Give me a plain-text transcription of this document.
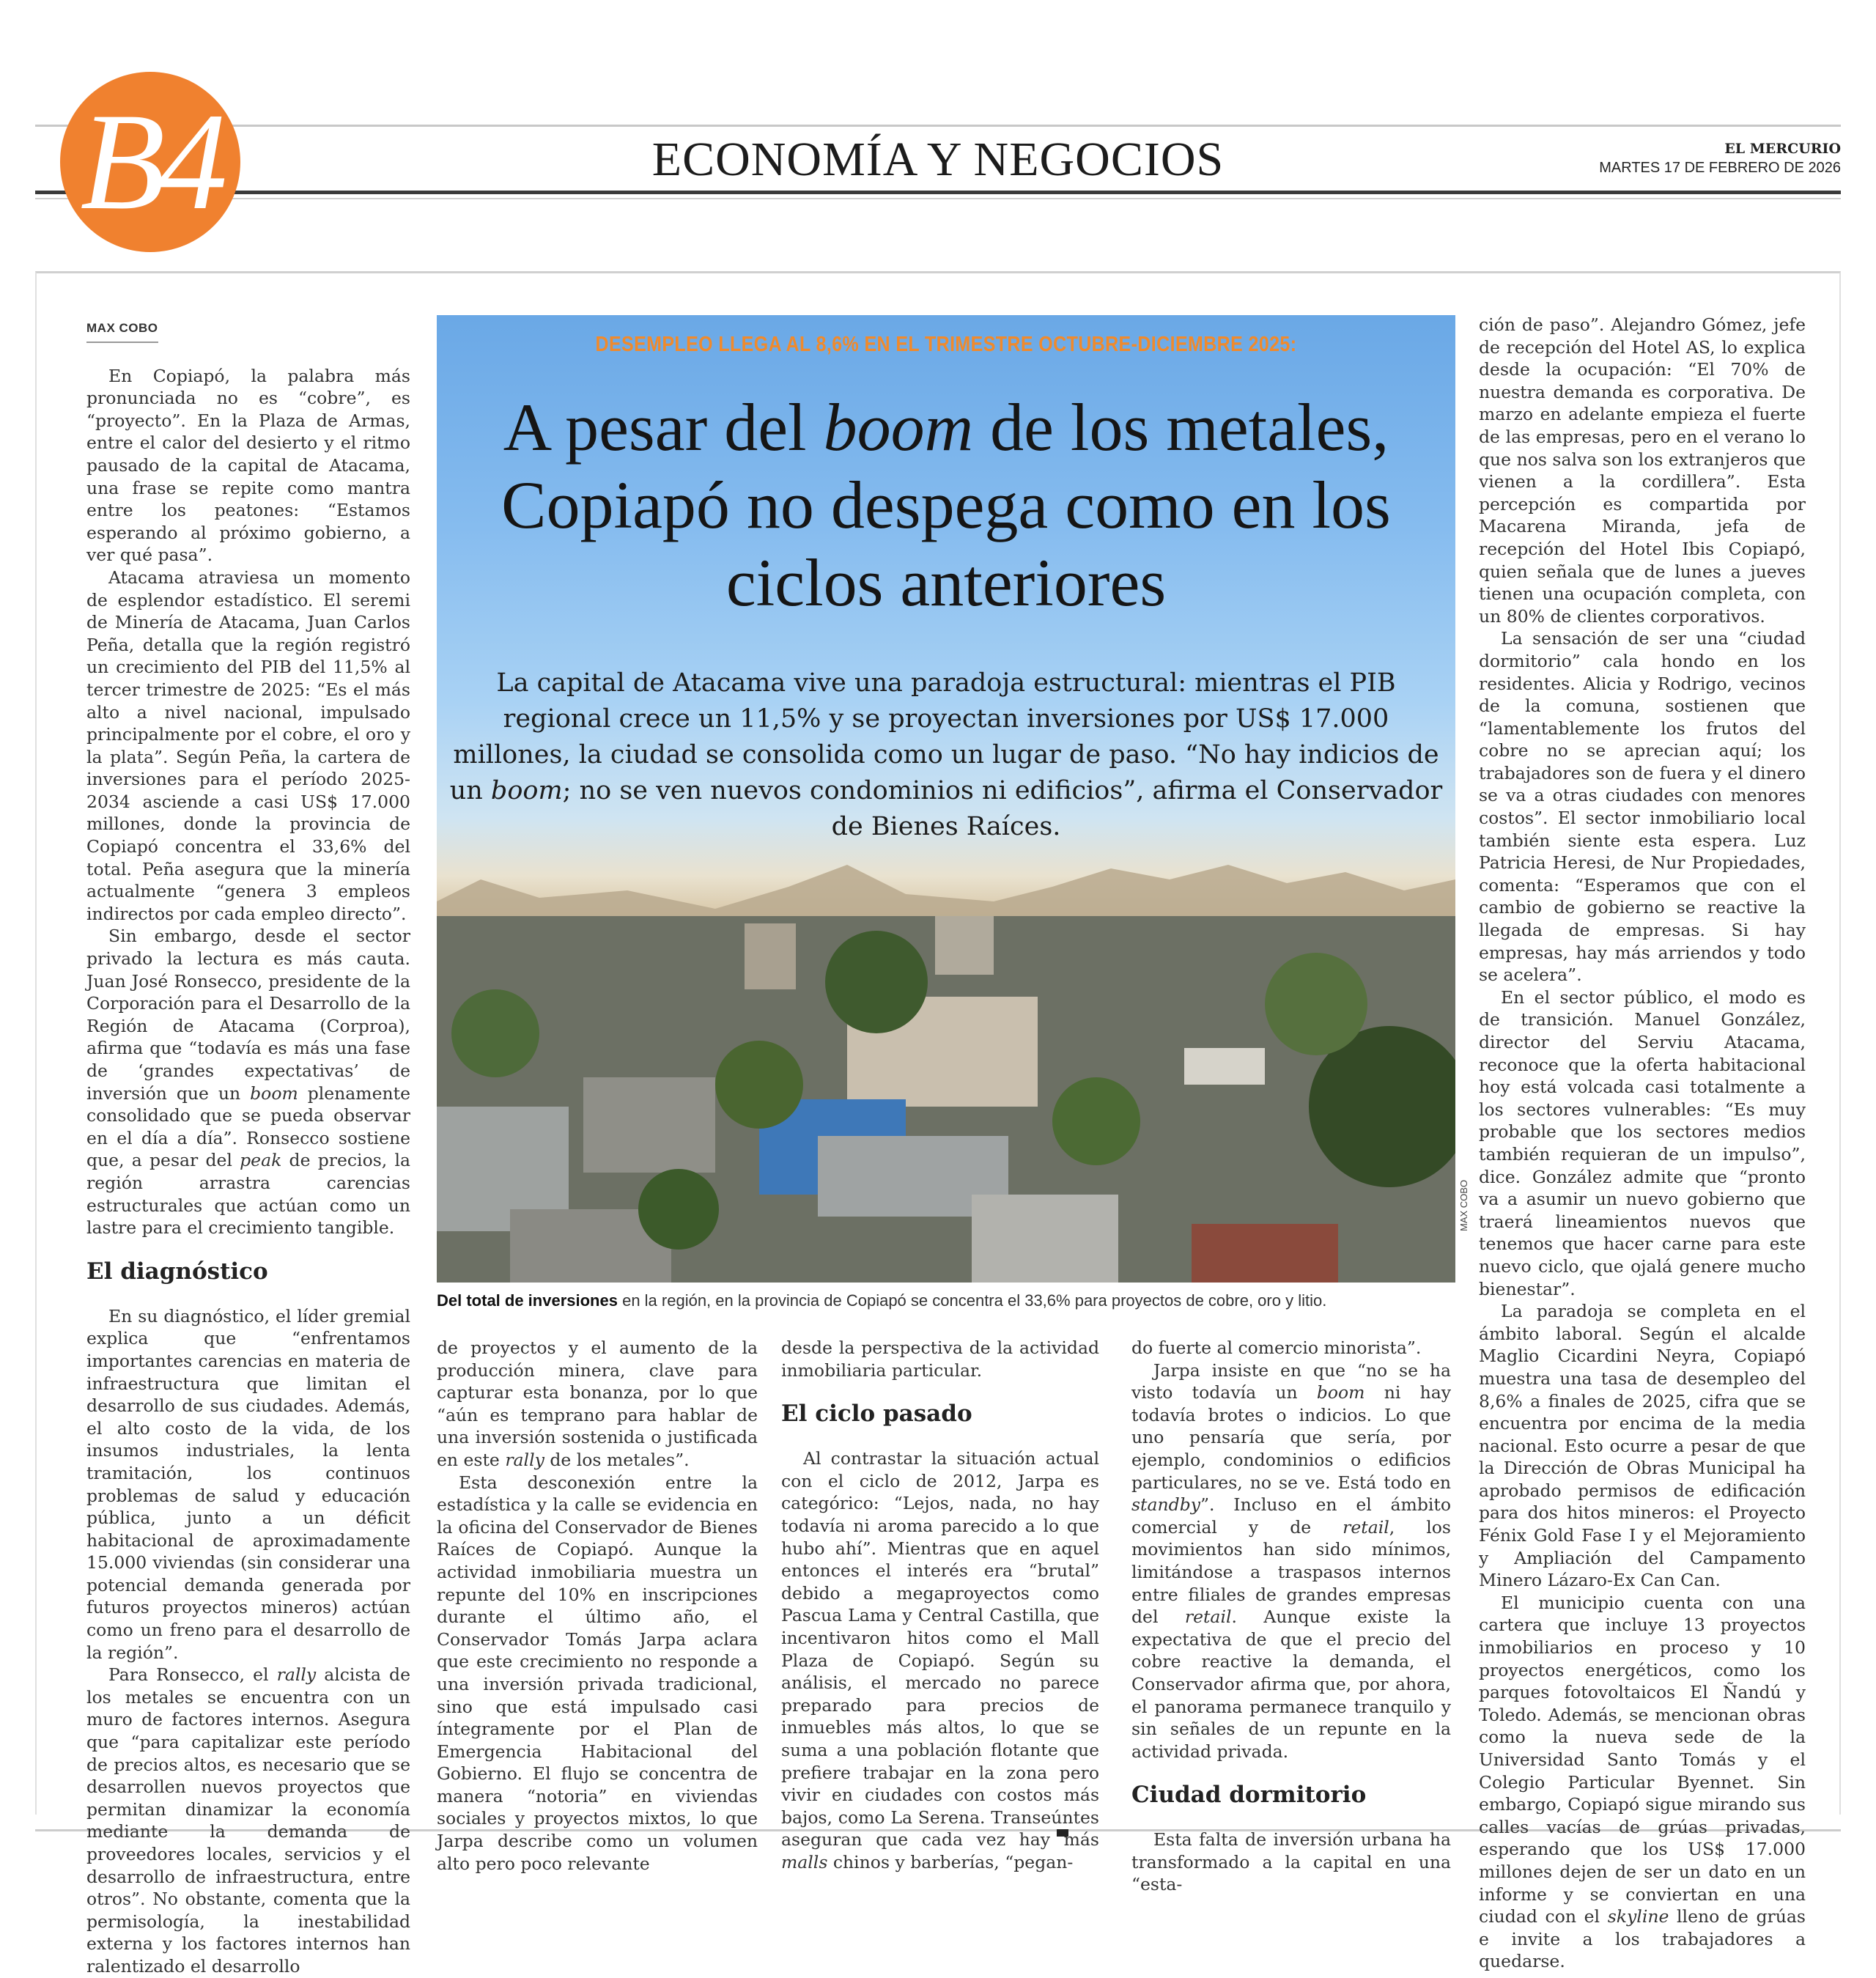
B4	ECONOMÍA Y NEGOCIOS	EL MERCURIO
MARTES 17 DE FEBRERO DE 2026
MAX COBO

En Copiapó, la palabra más pronunciada no es “cobre”, es “proyecto”. En la Plaza de Armas, entre el calor del desierto y el ritmo pausado de la capital de Atacama, una frase se repite como mantra entre los peatones: “Estamos esperando al próximo gobierno, a ver qué pasa”.

Atacama atraviesa un momento de esplendor estadístico. El seremi de Minería de Atacama, Juan Carlos Peña, detalla que la región registró un crecimiento del PIB del 11,5% al tercer trimestre de 2025: “Es el más alto a nivel nacional, impulsado principalmente por el cobre, el oro y la plata”. Según Peña, la cartera de inversiones para el período 2025-2034 asciende a casi US$ 17.000 millones, donde la provincia de Copiapó concentra el 33,6% del total. Peña asegura que la minería actualmente “genera 3 empleos indirectos por cada empleo directo”.

Sin embargo, desde el sector privado la lectura es más cauta. Juan José Ronsecco, presidente de la Corporación para el Desarrollo de la Región de Atacama (Corproa), afirma que “todavía es más una fase de ‘grandes expectativas’ de inversión que un boom plenamente consolidado que se pueda observar en el día a día”. Ronsecco sostiene que, a pesar del peak de precios, la región arrastra carencias estructurales que actúan como un lastre para el crecimiento tangible.

El diagnóstico

En su diagnóstico, el líder gremial explica que “enfrentamos importantes carencias en materia de infraestructura que limitan el desarrollo de sus ciudades. Además, el alto costo de la vida, de los insumos industriales, la lenta tramitación, los continuos problemas de salud y educación pública, junto a un déficit habitacional de aproximadamente 15.000 viviendas (sin considerar una potencial demanda generada por futuros proyectos mineros) actúan como un freno para el desarrollo de la región”.

Para Ronsecco, el rally alcista de los metales se encuentra con un muro de factores internos. Asegura que “para capitalizar este período de precios altos, es necesario que se desarrollen nuevos proyectos que permitan dinamizar la economía mediante la demanda de proveedores locales, servicios y el desarrollo de infraestructura, entre otros”. No obstante, comenta que la permisología, la inestabilidad externa y los factores internos han ralentizado el desarrollo

DESEMPLEO LLEGA AL 8,6% EN EL TRIMESTRE OCTUBRE-DICIEMBRE 2025:
A pesar del boom de los metales, Copiapó no despega como en los ciclos anteriores
La capital de Atacama vive una paradoja estructural: mientras el PIB regional crece un 11,5% y se proyectan inversiones por US$ 17.000 millones, la ciudad se consolida como un lugar de paso. “No hay indicios de un boom; no se ven nuevos condominios ni edificios”, afirma el Conservador de Bienes Raíces.
MAX COBO
Del total de inversiones en la región, en la provincia de Copiapó se concentra el 33,6% para proyectos de cobre, oro y litio.

de proyectos y el aumento de la producción minera, clave para capturar esta bonanza, por lo que “aún es temprano para hablar de una inversión sostenida o justificada en este rally de los metales”.

Esta desconexión entre la estadística y la calle se evidencia en la oficina del Conservador de Bienes Raíces de Copiapó. Aunque la actividad inmobiliaria muestra un repunte del 10% en inscripciones durante el último año, el Conservador Tomás Jarpa aclara que este crecimiento no responde a una inversión privada tradicional, sino que está impulsado casi íntegramente por el Plan de Emergencia Habitacional del Gobierno. El flujo se concentra de manera “notoria” en viviendas sociales y proyectos mixtos, lo que Jarpa describe como un volumen alto pero poco relevante

desde la perspectiva de la actividad inmobiliaria particular.

El ciclo pasado

Al contrastar la situación actual con el ciclo de 2012, Jarpa es categórico: “Lejos, nada, no hay todavía ni aroma parecido a lo que hubo ahí”. Mientras que en aquel entonces el interés era “brutal” debido a megaproyectos como Pascua Lama y Central Castilla, que incentivaron hitos como el Mall Plaza de Copiapó. Según su análisis, el mercado no parece preparado para precios de inmuebles más altos, lo que se suma a una población flotante que prefiere trabajar en la zona pero vivir en ciudades con costos más bajos, como La Serena. Transeúntes aseguran que cada vez hay más malls chinos y barberías, “pegan-

do fuerte al comercio minorista”.

Jarpa insiste en que “no se ha visto todavía un boom ni hay todavía brotes o indicios. Lo que uno pensaría que sería, por ejemplo, condominios o edificios particulares, no se ve. Está todo en standby”. Incluso en el ámbito comercial y de retail, los movimientos han sido mínimos, limitándose a traspasos internos entre filiales de grandes empresas del retail. Aunque existe la expectativa de que el precio del cobre reactive la demanda, el Conservador afirma que, por ahora, el panorama permanece tranquilo y sin señales de un repunte en la actividad privada.

Ciudad dormitorio

Esta falta de inversión urbana ha transformado a la capital en una “esta-

ción de paso”. Alejandro Gómez, jefe de recepción del Hotel AS, lo explica desde la ocupación: “El 70% de nuestra demanda es corporativa. De marzo en adelante empieza el fuerte de las empresas, pero en el verano lo que nos salva son los extranjeros que vienen a la cordillera”. Esta percepción es compartida por Macarena Miranda, jefa de recepción del Hotel Ibis Copiapó, quien señala que de lunes a jueves tienen una ocupación completa, con un 80% de clientes corporativos.

La sensación de ser una “ciudad dormitorio” cala hondo en los residentes. Alicia y Rodrigo, vecinos de la comuna, sostienen que “lamentablemente los frutos del cobre no se aprecian aquí; los trabajadores son de fuera y el dinero se va a otras ciudades con menores costos”. El sector inmobiliario local también siente esta espera. Luz Patricia Heresi, de Nur Propiedades, comenta: “Esperamos que con el cambio de gobierno se reactive la llegada de empresas. Si hay empresas, hay más arriendos y todo se acelera”.

En el sector público, el modo es de transición. Manuel González, director del Serviu Atacama, reconoce que la oferta habitacional hoy está volcada casi totalmente a los sectores vulnerables: “Es muy probable que los sectores medios también requieran de un impulso”, dice. González admite que “pronto va a asumir un nuevo gobierno que traerá lineamientos nuevos que tenemos que hacer carne para este nuevo ciclo, que ojalá genere mucho bienestar”.

La paradoja se completa en el ámbito laboral. Según el alcalde Maglio Cicardini Neyra, Copiapó muestra una tasa de desempleo del 8,6% a finales de 2025, cifra que se encuentra por encima de la media nacional. Esto ocurre a pesar de que la Dirección de Obras Municipal ha aprobado permisos de edificación para dos hitos mineros: el Proyecto Fénix Gold Fase I y el Mejoramiento y Ampliación del Campamento Minero Lázaro-Ex Can Can.

El municipio cuenta con una cartera que incluye 13 proyectos inmobiliarios en proceso y 10 proyectos energéticos, como los parques fotovoltaicos El Ñandú y Toledo. Además, se mencionan obras como la nueva sede de la Universidad Santo Tomás y el Colegio Particular Byennet. Sin embargo, Copiapó sigue mirando sus calles vacías de grúas privadas, esperando que los US$ 17.000 millones dejen de ser un dato en un informe y se conviertan en una ciudad con el skyline lleno de grúas e invite a los trabajadores a quedarse.
